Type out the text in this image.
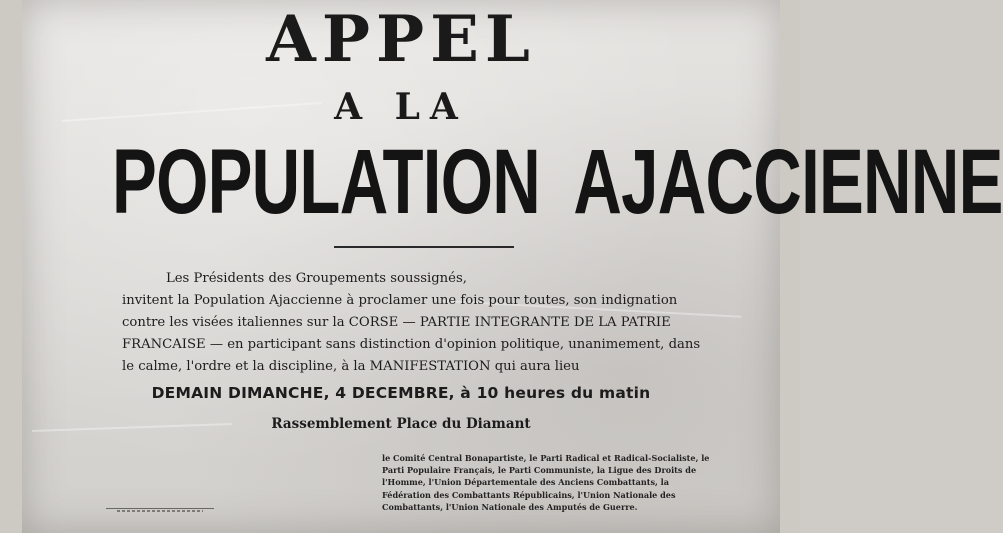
APPEL
A LA
POPULATION  AJACCIENNE
Les Présidents des Groupements soussignés,
invitent la Population Ajaccienne à proclamer une fois pour toutes, son indignation
contre les visées italiennes sur la CORSE — PARTIE INTEGRANTE DE LA PATRIE
FRANCAISE — en participant sans distinction d'opinion politique, unanimement, dans
le calme, l'ordre et la discipline, à la MANIFESTATION qui aura lieu
DEMAIN DIMANCHE, 4 DECEMBRE, à 10 heures du matin
Rassemblement Place du Diamant
le Comité Central Bonapartiste, le Parti Radical et Radical-Socialiste, le Parti Populaire Français, le Parti Communiste, la Ligue des Droits de l'Homme, l'Union Départementale des Anciens Combattants, la Fédération des Combattants Républicains, l'Union Nationale des Combattants, l'Union Nationale des Amputés de Guerre.
